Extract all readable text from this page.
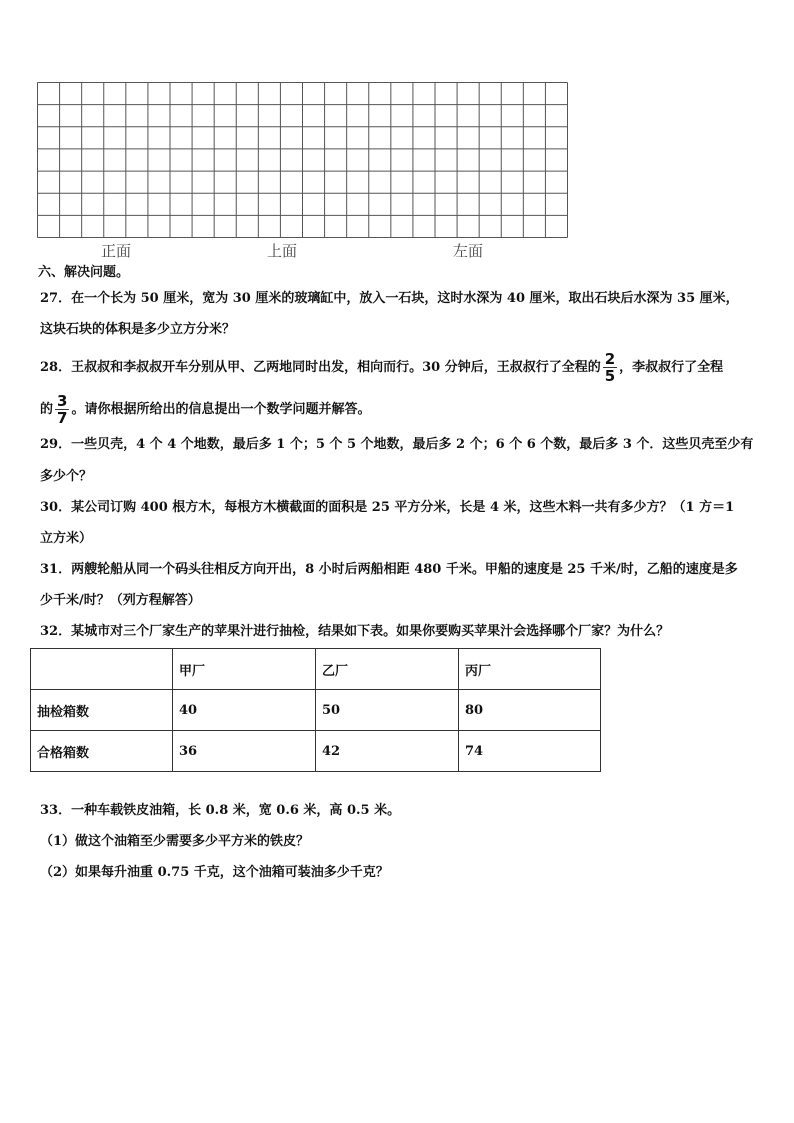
正面	上面	左面
六、解决问题。
27．在一个长为 50 厘米，宽为 30 厘米的玻璃缸中，放入一石块，这时水深为 40 厘米，取出石块后水深为 35 厘米，
这块石块的体积是多少立方分米？
28．王叔叔和李叔叔开车分别从甲、乙两地同时出发，相向而行。30 分钟后，王叔叔行了全程的 $\frac{2}{5}$ ，李叔叔行了全程
的 $\frac{3}{7}$ 。请你根据所给出的信息提出一个数学问题并解答。
29．一些贝壳，4 个 4 个地数，最后多 1 个；5 个 5 个地数，最后多 2 个；6 个 6 个数，最后多 3 个．这些贝壳至少有
多少个？
30．某公司订购 400 根方木，每根方木横截面的面积是 25 平方分米，长是 4 米，这些木料一共有多少方？（1 方＝1
立方米）
31．两艘轮船从同一个码头往相反方向开出，8 小时后两船相距 480 千米。甲船的速度是 25 千米/时，乙船的速度是多
少千米/时？（列方程解答）
32．某城市对三个厂家生产的苹果汁进行抽检，结果如下表。如果你要购买苹果汁会选择哪个厂家？为什么？
	甲厂	乙厂	丙厂
抽检箱数	40	50	80
合格箱数	36	42	74
33．一种车载铁皮油箱，长 0.8 米，宽 0.6 米，高 0.5 米。
（1）做这个油箱至少需要多少平方米的铁皮？
（2）如果每升油重 0.75 千克，这个油箱可装油多少千克？
